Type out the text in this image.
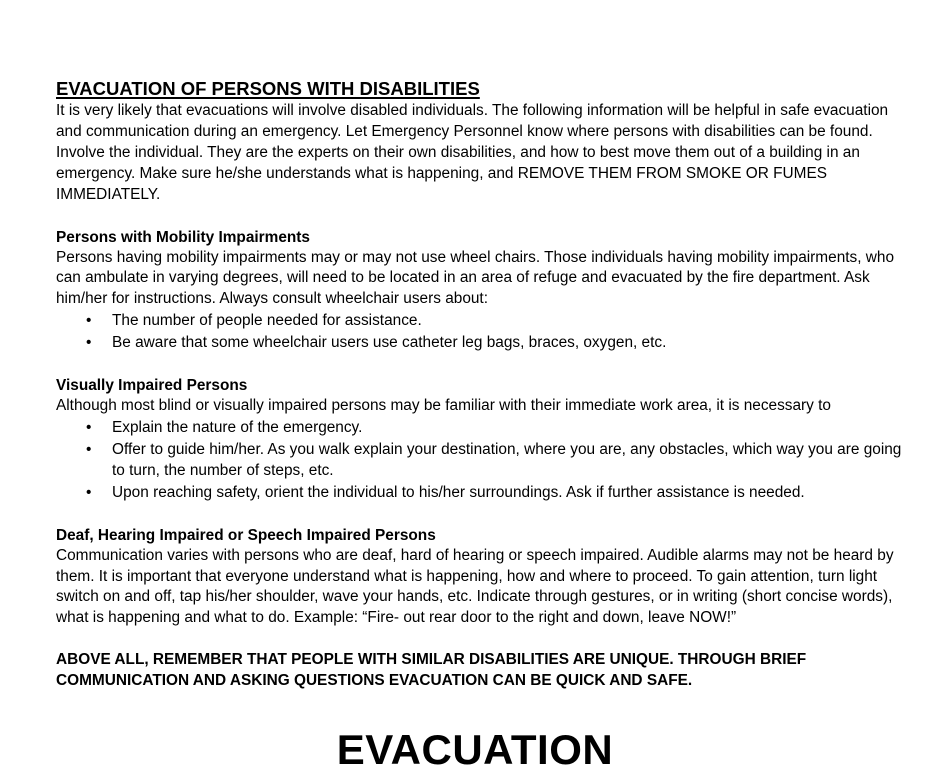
EVACUATION OF PERSONS WITH DISABILITIES

It is very likely that evacuations will involve disabled individuals. The following information will be helpful in safe evacuation and communication during an emergency. Let Emergency Personnel know where persons with disabilities can be found. Involve the individual. They are the experts on their own disabilities, and how to best move them out of a building in an emergency. Make sure he/she understands what is happening, and REMOVE THEM FROM SMOKE OR FUMES IMMEDIATELY.

Persons with Mobility Impairments

Persons having mobility impairments may or may not use wheel chairs. Those individuals having mobility impairments, who can ambulate in varying degrees, will need to be located in an area of refuge and evacuated by the fire department. Ask him/her for instructions. Always consult wheelchair users about:

• The number of people needed for assistance.
• Be aware that some wheelchair users use catheter leg bags, braces, oxygen, etc.
Visually Impaired Persons

Although most blind or visually impaired persons may be familiar with their immediate work area, it is necessary to

• Explain the nature of the emergency.
• Offer to guide him/her. As you walk explain your destination, where you are, any obstacles, which way you are going to turn, the number of steps, etc.
• Upon reaching safety, orient the individual to his/her surroundings. Ask if further assistance is needed.
Deaf, Hearing Impaired or Speech Impaired Persons

Communication varies with persons who are deaf, hard of hearing or speech impaired. Audible alarms may not be heard by them. It is important that everyone understand what is happening, how and where to proceed. To gain attention, turn light switch on and off, tap his/her shoulder, wave your hands, etc. Indicate through gestures, or in writing (short concise words), what is happening and what to do. Example: “Fire- out rear door to the right and down, leave NOW!”

ABOVE ALL, REMEMBER THAT PEOPLE WITH SIMILAR DISABILITIES ARE UNIQUE. THROUGH BRIEF COMMUNICATION AND ASKING QUESTIONS EVACUATION CAN BE QUICK AND SAFE.

EVACUATION
